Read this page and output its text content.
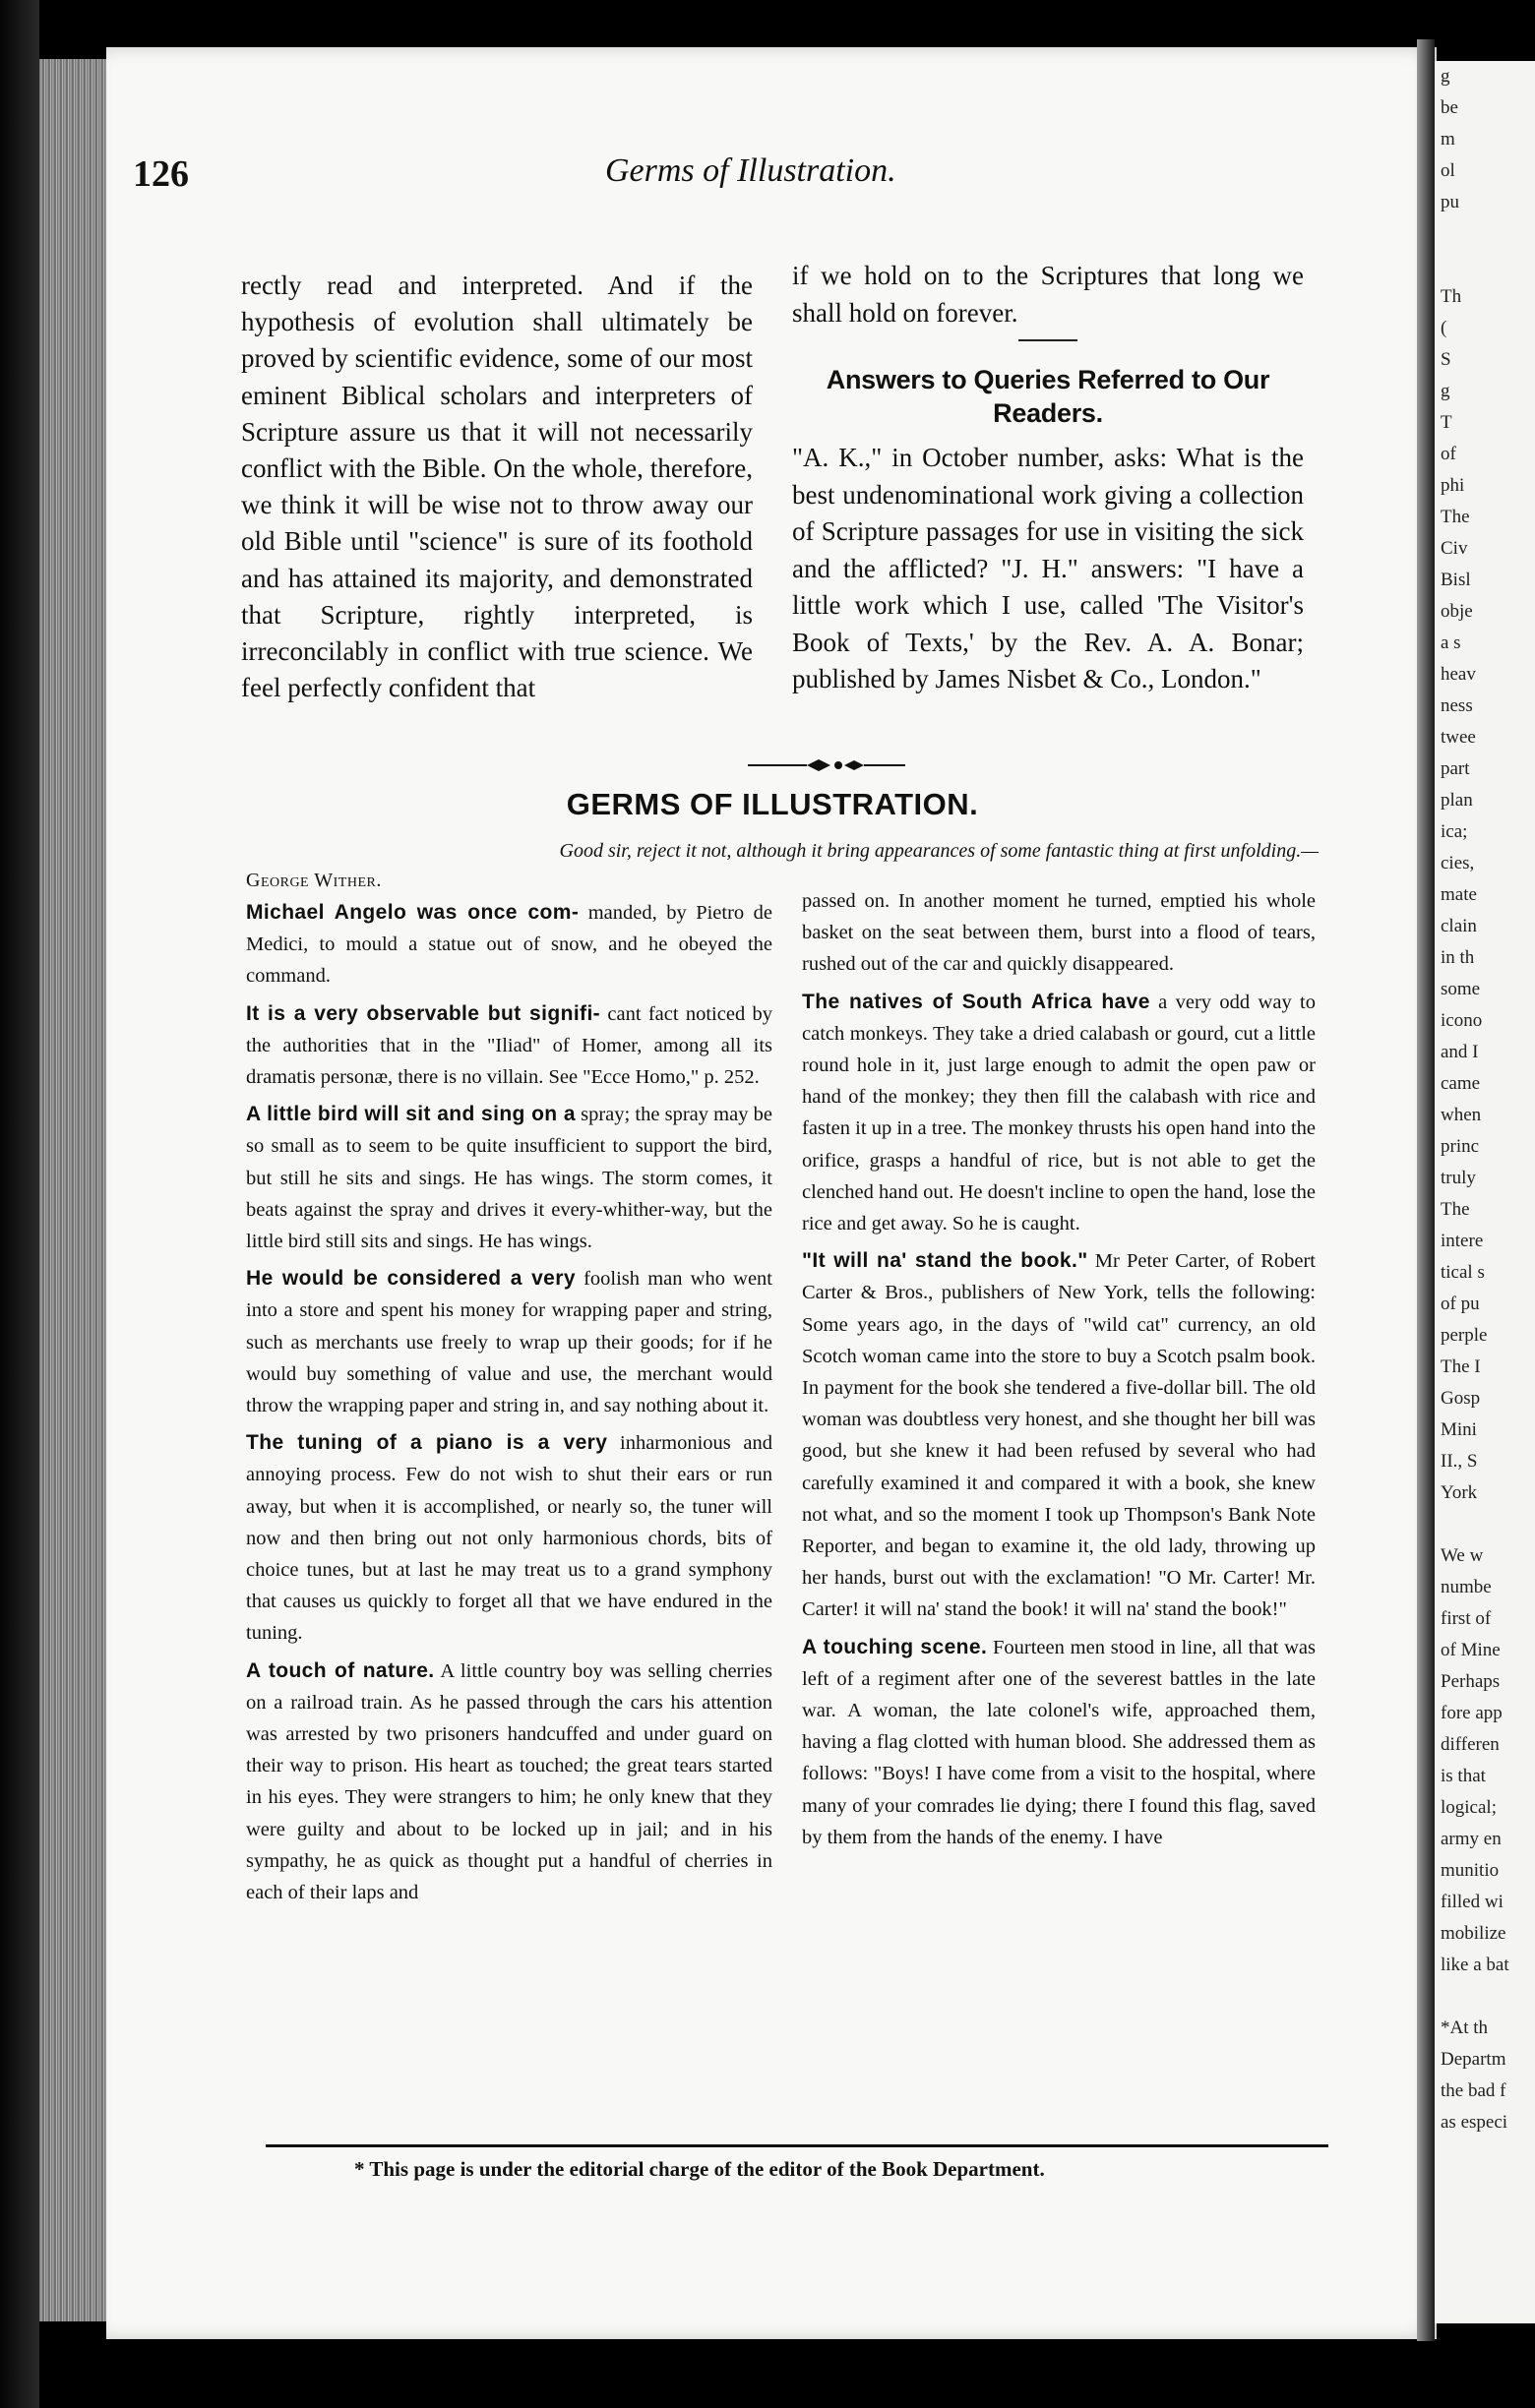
g
be
m
ol
pu

Th
(
S
g
T
of
phi
The
Civ
Bisl
obje
a s
heav
ness
twee
part
plan
ica;
cies,
mate
clain
in th
some
icono
and I
came
when
princ
truly
The
intere
tical s
of pu
perple
The I
Gosp
Mini
II., S
York

We w
numbe
first of
of Mine
Perhaps
fore app
differen
is that
logical;
army en
munitio
filled wi
mobilize
like a bat

*At th
Departm
the bad f
as especi
126	Germs of Illustration.

rectly read and interpreted. And if the hypothesis of evolution shall ultimately be proved by scientific evidence, some of our most eminent Biblical scholars and interpreters of Scripture assure us that it will not necessarily conflict with the Bible. On the whole, therefore, we think it will be wise not to throw away our old Bible until "science" is sure of its foothold and has attained its majority, and demonstrated that Scripture, rightly interpreted, is irreconcilably in conflict with true science. We feel perfectly confident that

if we hold on to the Scriptures that long we shall hold on forever.

Answers to Queries Referred to Our Readers.

"A. K.," in October number, asks: What is the best undenominational work giving a collection of Scripture passages for use in visiting the sick and the afflicted? "J. H." answers: "I have a little work which I use, called 'The Visitor's Book of Texts,' by the Rev. A. A. Bonar; published by James Nisbet & Co., London."

GERMS OF ILLUSTRATION.
Good sir, reject it not, although it bring appearances of some fantastic thing at first unfolding.—
George Wither.

Michael Angelo was once com- manded, by Pietro de Medici, to mould a statue out of snow, and he obeyed the command.

It is a very observable but signifi- cant fact noticed by the authorities that in the "Iliad" of Homer, among all its dramatis personæ, there is no villain. See "Ecce Homo," p. 252.

A little bird will sit and sing on a spray; the spray may be so small as to seem to be quite insufficient to support the bird, but still he sits and sings. He has wings. The storm comes, it beats against the spray and drives it every-whither-way, but the little bird still sits and sings. He has wings.

He would be considered a very foolish man who went into a store and spent his money for wrapping paper and string, such as merchants use freely to wrap up their goods; for if he would buy something of value and use, the merchant would throw the wrapping paper and string in, and say nothing about it.

The tuning of a piano is a very inharmonious and annoying process. Few do not wish to shut their ears or run away, but when it is accomplished, or nearly so, the tuner will now and then bring out not only harmonious chords, bits of choice tunes, but at last he may treat us to a grand symphony that causes us quickly to forget all that we have endured in the tuning.

A touch of nature. A little country boy was selling cherries on a railroad train. As he passed through the cars his attention was arrested by two prisoners handcuffed and under guard on their way to prison. His heart as touched; the great tears started in his eyes. They were strangers to him; he only knew that they were guilty and about to be locked up in jail; and in his sympathy, he as quick as thought put a handful of cherries in each of their laps and

passed on. In another moment he turned, emptied his whole basket on the seat between them, burst into a flood of tears, rushed out of the car and quickly disappeared.

The natives of South Africa have a very odd way to catch monkeys. They take a dried calabash or gourd, cut a little round hole in it, just large enough to admit the open paw or hand of the monkey; they then fill the calabash with rice and fasten it up in a tree. The monkey thrusts his open hand into the orifice, grasps a handful of rice, but is not able to get the clenched hand out. He doesn't incline to open the hand, lose the rice and get away. So he is caught.

"It will na' stand the book." Mr Peter Carter, of Robert Carter & Bros., publishers of New York, tells the following: Some years ago, in the days of "wild cat" currency, an old Scotch woman came into the store to buy a Scotch psalm book. In payment for the book she tendered a five-dollar bill. The old woman was doubtless very honest, and she thought her bill was good, but she knew it had been refused by several who had carefully examined it and compared it with a book, she knew not what, and so the moment I took up Thompson's Bank Note Reporter, and began to examine it, the old lady, throwing up her hands, burst out with the exclamation! "O Mr. Carter! Mr. Carter! it will na' stand the book! it will na' stand the book!"

A touching scene. Fourteen men stood in line, all that was left of a regiment after one of the severest battles in the late war. A woman, the late colonel's wife, approached them, having a flag clotted with human blood. She addressed them as follows: "Boys! I have come from a visit to the hospital, where many of your comrades lie dying; there I found this flag, saved by them from the hands of the enemy. I have

* This page is under the editorial charge of the editor of the Book Department.
